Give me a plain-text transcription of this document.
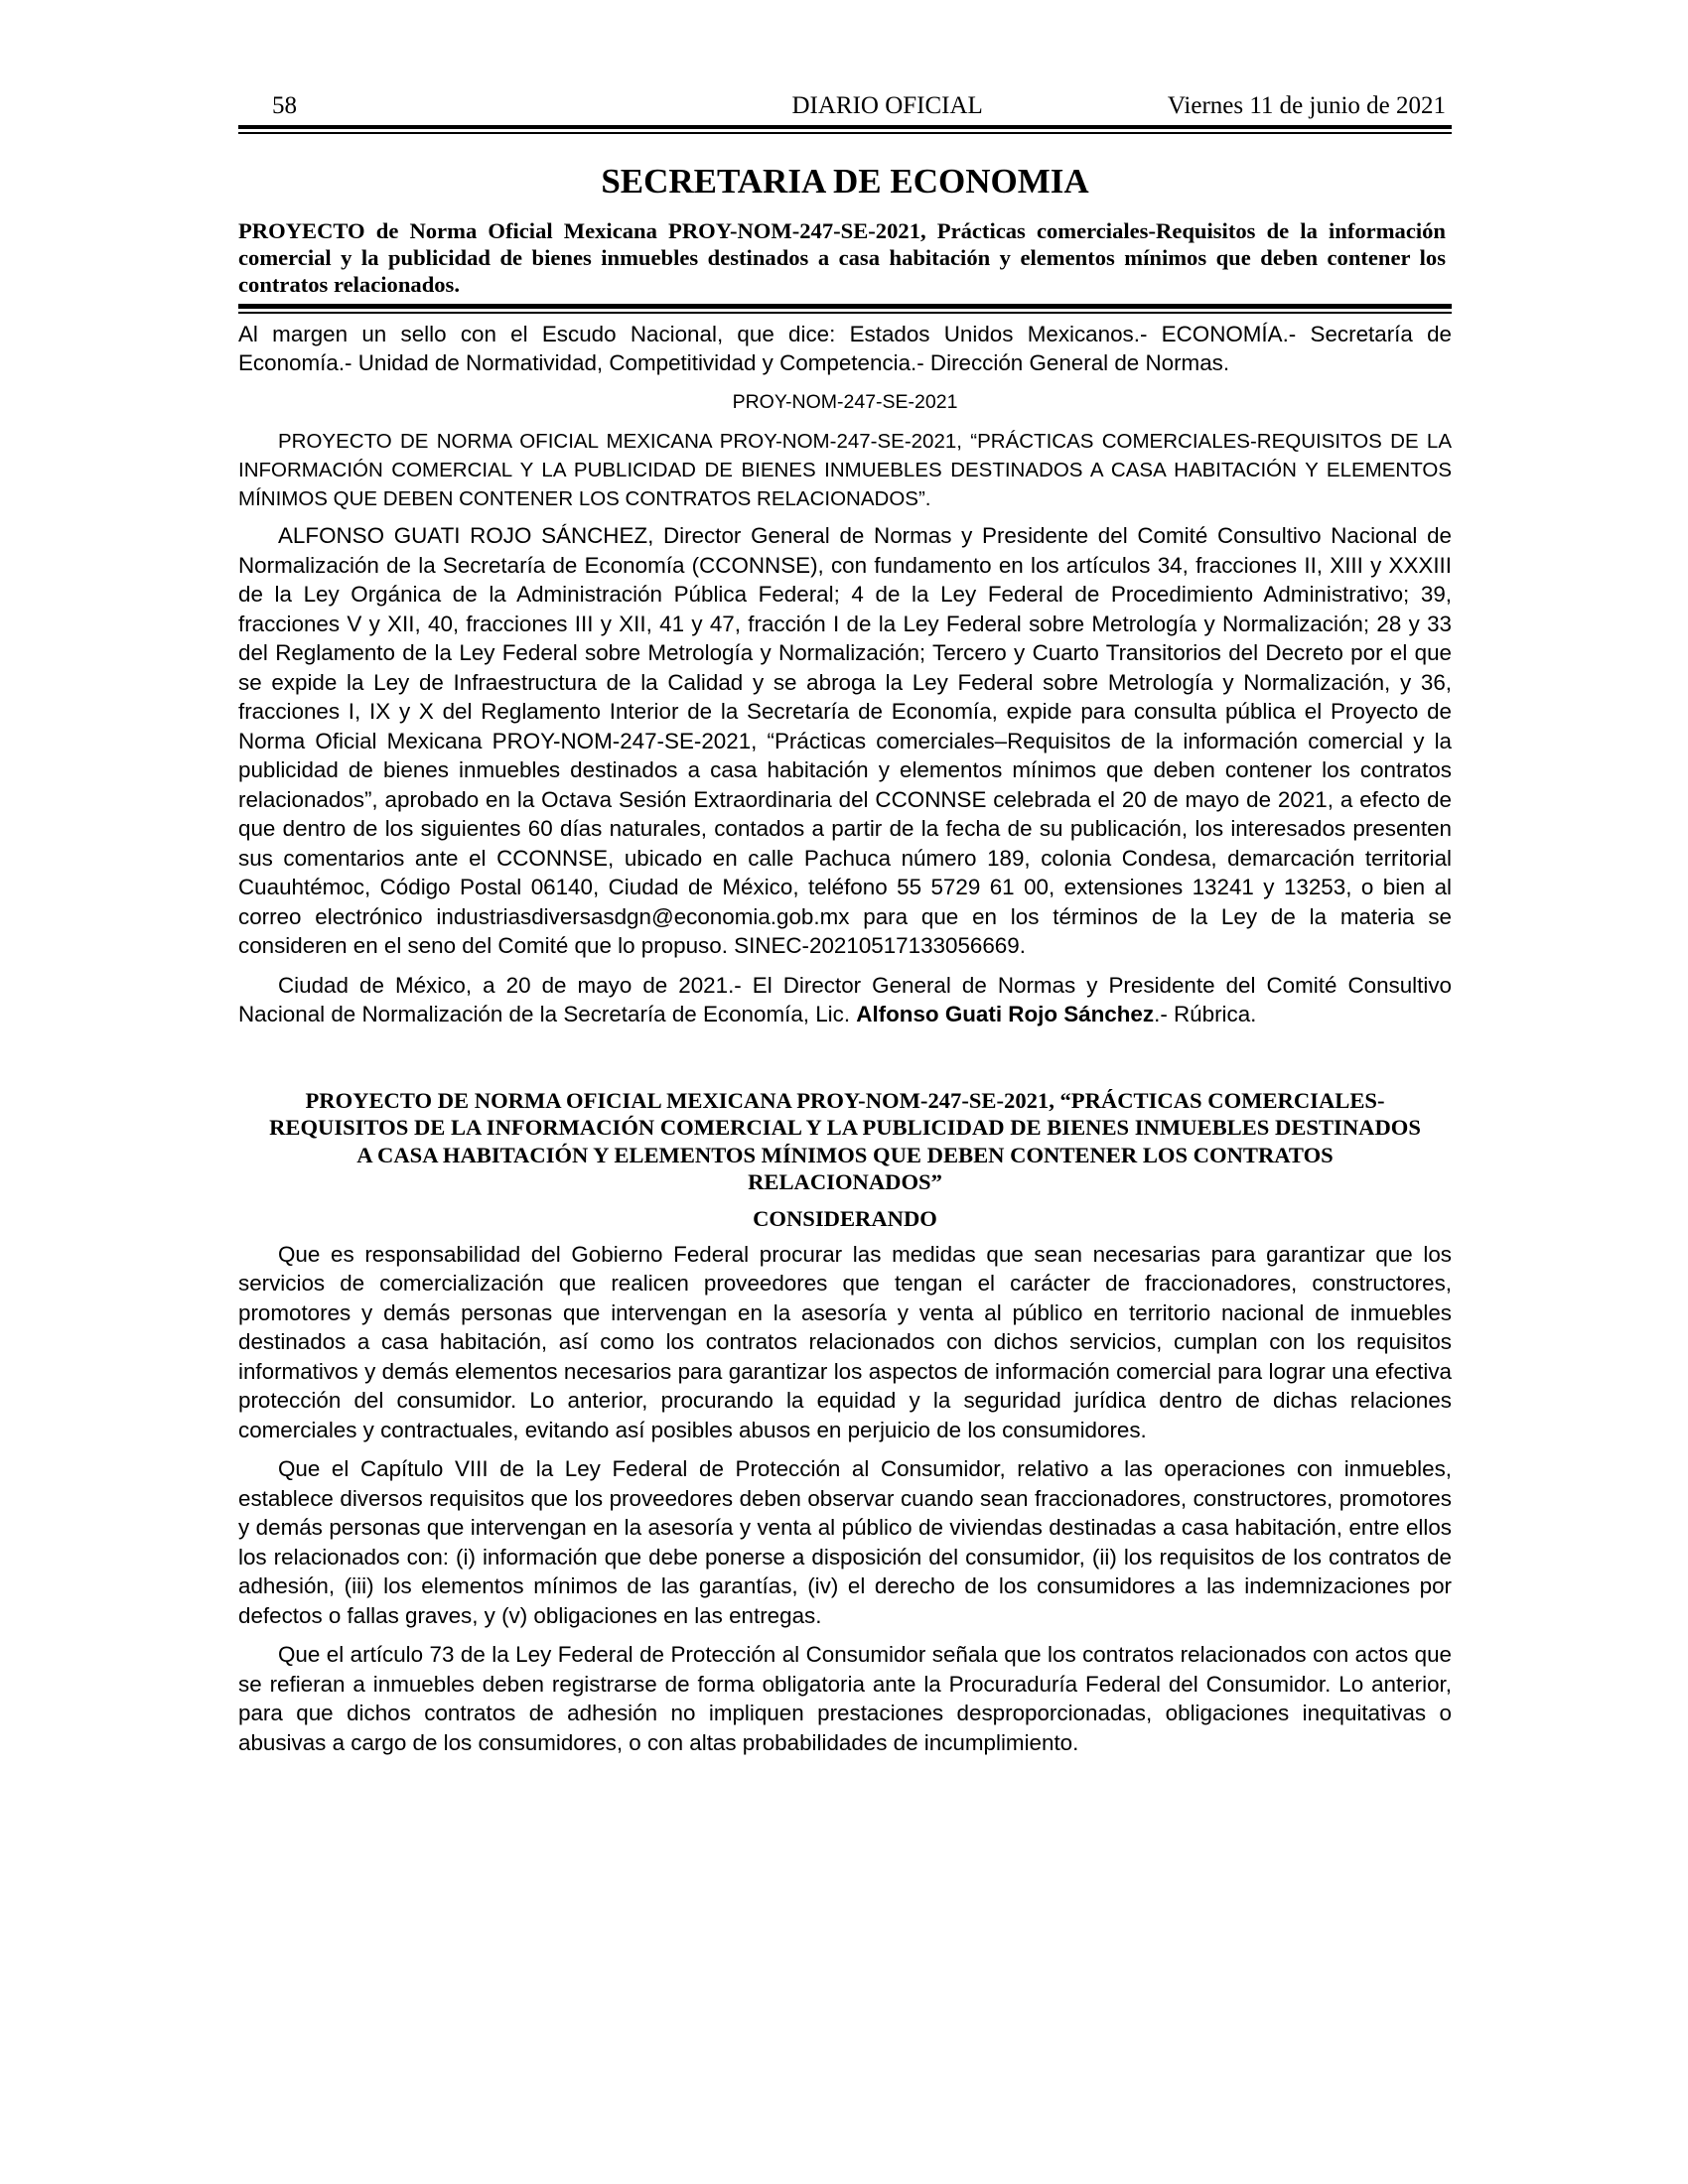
58	DIARIO OFICIAL	Viernes 11 de junio de 2021
SECRETARIA DE ECONOMIA
PROYECTO de Norma Oficial Mexicana PROY-NOM-247-SE-2021, Prácticas comerciales-Requisitos de la información comercial y la publicidad de bienes inmuebles destinados a casa habitación y elementos mínimos que deben contener los contratos relacionados.

Al margen un sello con el Escudo Nacional, que dice: Estados Unidos Mexicanos.- ECONOMÍA.- Secretaría de Economía.- Unidad de Normatividad, Competitividad y Competencia.- Dirección General de Normas.

PROY-NOM-247-SE-2021

PROYECTO DE NORMA OFICIAL MEXICANA PROY-NOM-247-SE-2021, “PRÁCTICAS COMERCIALES-REQUISITOS DE LA INFORMACIÓN COMERCIAL Y LA PUBLICIDAD DE BIENES INMUEBLES DESTINADOS A CASA HABITACIÓN Y ELEMENTOS MÍNIMOS QUE DEBEN CONTENER LOS CONTRATOS RELACIONADOS”.

ALFONSO GUATI ROJO SÁNCHEZ, Director General de Normas y Presidente del Comité Consultivo Nacional de Normalización de la Secretaría de Economía (CCONNSE), con fundamento en los artículos 34, fracciones II, XIII y XXXIII de la Ley Orgánica de la Administración Pública Federal; 4 de la Ley Federal de Procedimiento Administrativo; 39, fracciones V y XII, 40, fracciones III y XII, 41 y 47, fracción I de la Ley Federal sobre Metrología y Normalización; 28 y 33 del Reglamento de la Ley Federal sobre Metrología y Normalización; Tercero y Cuarto Transitorios del Decreto por el que se expide la Ley de Infraestructura de la Calidad y se abroga la Ley Federal sobre Metrología y Normalización, y 36, fracciones I, IX y X del Reglamento Interior de la Secretaría de Economía, expide para consulta pública el Proyecto de Norma Oficial Mexicana PROY-NOM-247-SE-2021, “Prácticas comerciales–Requisitos de la información comercial y la publicidad de bienes inmuebles destinados a casa habitación y elementos mínimos que deben contener los contratos relacionados”, aprobado en la Octava Sesión Extraordinaria del CCONNSE celebrada el 20 de mayo de 2021, a efecto de que dentro de los siguientes 60 días naturales, contados a partir de la fecha de su publicación, los interesados presenten sus comentarios ante el CCONNSE, ubicado en calle Pachuca número 189, colonia Condesa, demarcación territorial Cuauhtémoc, Código Postal 06140, Ciudad de México, teléfono 55 5729 61 00, extensiones 13241 y 13253, o bien al correo electrónico industriasdiversasdgn@economia.gob.mx para que en los términos de la Ley de la materia se consideren en el seno del Comité que lo propuso. SINEC-20210517133056669.

Ciudad de México, a 20 de mayo de 2021.- El Director General de Normas y Presidente del Comité Consultivo Nacional de Normalización de la Secretaría de Economía, Lic. Alfonso Guati Rojo Sánchez.- Rúbrica.

PROYECTO DE NORMA OFICIAL MEXICANA PROY-NOM-247-SE-2021, “PRÁCTICAS COMERCIALES-REQUISITOS DE LA INFORMACIÓN COMERCIAL Y LA PUBLICIDAD DE BIENES INMUEBLES DESTINADOS A CASA HABITACIÓN Y ELEMENTOS MÍNIMOS QUE DEBEN CONTENER LOS CONTRATOS RELACIONADOS”
CONSIDERANDO

Que es responsabilidad del Gobierno Federal procurar las medidas que sean necesarias para garantizar que los servicios de comercialización que realicen proveedores que tengan el carácter de fraccionadores, constructores, promotores y demás personas que intervengan en la asesoría y venta al público en territorio nacional de inmuebles destinados a casa habitación, así como los contratos relacionados con dichos servicios, cumplan con los requisitos informativos y demás elementos necesarios para garantizar los aspectos de información comercial para lograr una efectiva protección del consumidor. Lo anterior, procurando la equidad y la seguridad jurídica dentro de dichas relaciones comerciales y contractuales, evitando así posibles abusos en perjuicio de los consumidores.

Que el Capítulo VIII de la Ley Federal de Protección al Consumidor, relativo a las operaciones con inmuebles, establece diversos requisitos que los proveedores deben observar cuando sean fraccionadores, constructores, promotores y demás personas que intervengan en la asesoría y venta al público de viviendas destinadas a casa habitación, entre ellos los relacionados con: (i) información que debe ponerse a disposición del consumidor, (ii) los requisitos de los contratos de adhesión, (iii) los elementos mínimos de las garantías, (iv) el derecho de los consumidores a las indemnizaciones por defectos o fallas graves, y (v) obligaciones en las entregas.

Que el artículo 73 de la Ley Federal de Protección al Consumidor señala que los contratos relacionados con actos que se refieran a inmuebles deben registrarse de forma obligatoria ante la Procuraduría Federal del Consumidor. Lo anterior, para que dichos contratos de adhesión no impliquen prestaciones desproporcionadas, obligaciones inequitativas o abusivas a cargo de los consumidores, o con altas probabilidades de incumplimiento.
